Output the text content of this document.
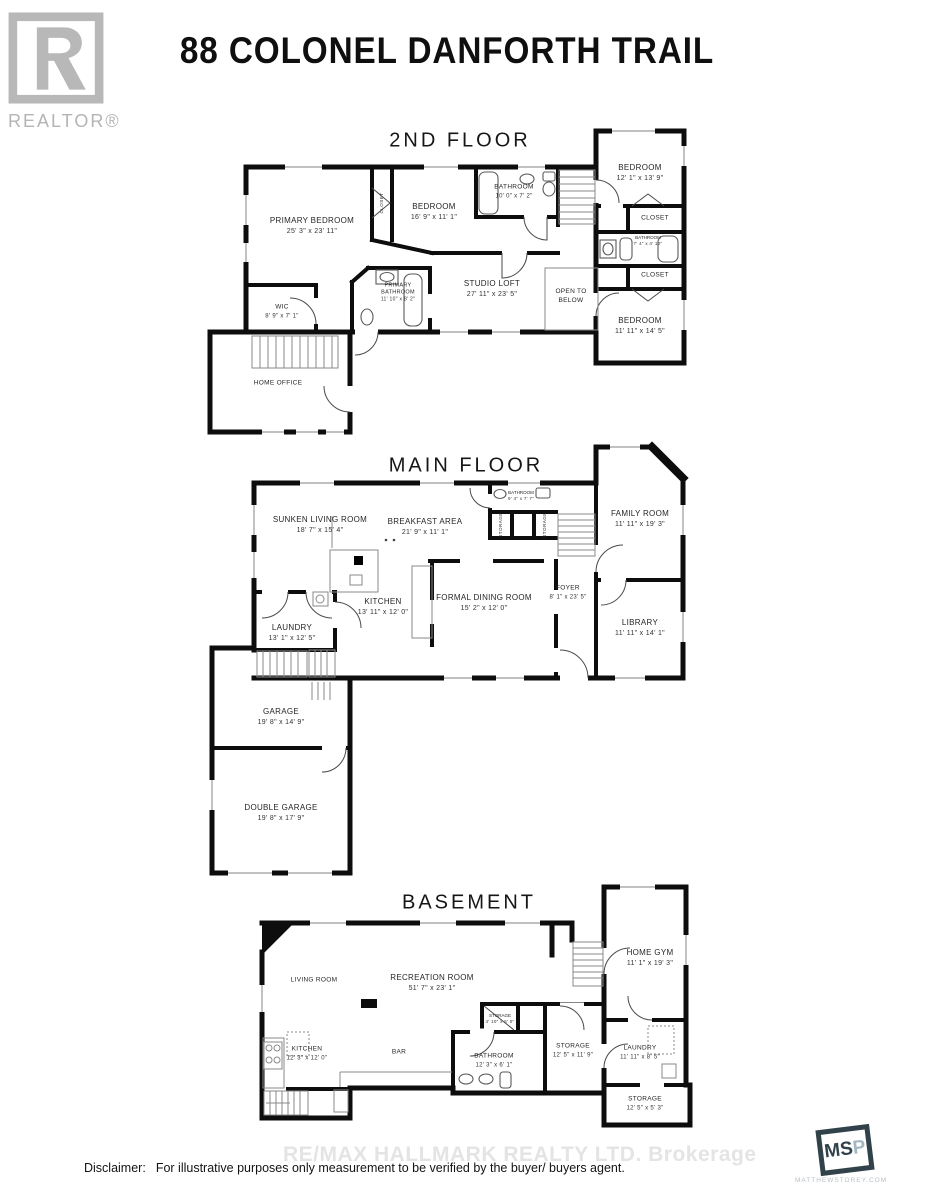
REALTOR®
88 COLONEL DANFORTH TRAIL
2ND FLOOR
PRIMARY BEDROOM
25' 3" x 23' 11"
CLOSET	BEDROOM
16' 9" x 11' 1"
BATHROOM
10' 0" x 7' 2"
BEDROOM
12' 1" x 13' 9"
CLOSET
BATHROOM
7' 4" x 4' 10"
CLOSET
BEDROOM
11' 11" x 14' 5"
STUDIO LOFT
27' 11" x 23' 5"	OPEN TO
BELOW
PRIMARY BATHROOM
11' 10" x 8' 2"
WIC
8' 9" x 7' 1"
HOME OFFICE
MAIN FLOOR
SUNKEN LIVING ROOM
18' 7" x 15' 4"
BREAKFAST AREA
21' 9" x 11' 1"
BATHROOM
9' 4" x 7' 7"
STORAGE	STORAGE
KITCHEN
13' 11" x 12' 0"
FORMAL DINING ROOM
15' 2" x 12' 0"
FOYER
8' 1" x 23' 5"
LAUNDRY
13' 1" x 12' 5"
FAMILY ROOM
11' 11" x 19' 3"
LIBRARY
11' 11" x 14' 1"
GARAGE
19' 8" x 14' 9"
DOUBLE GARAGE
19' 8" x 17' 9"
BASEMENT
LIVING ROOM	RECREATION ROOM
51' 7" x 23' 1"
KITCHEN
12' 3" x 12' 0"
BAR
STORAGE
4' 10" x 5' 0"
BATHROOM
12' 3" x 6' 1"
STORAGE
12' 5" x 11' 9"
HOME GYM
11' 1" x 19' 3"
LAUNDRY
11' 11" x 8' 5"
STORAGE
12' 5" x 5' 3"
RE/MAX HALLMARK REALTY LTD. Brokerage
Disclaimer: For illustrative purposes only measurement to be verified by the buyer/ buyers agent.
MS
P
MATTHEWSTOREY.COM
